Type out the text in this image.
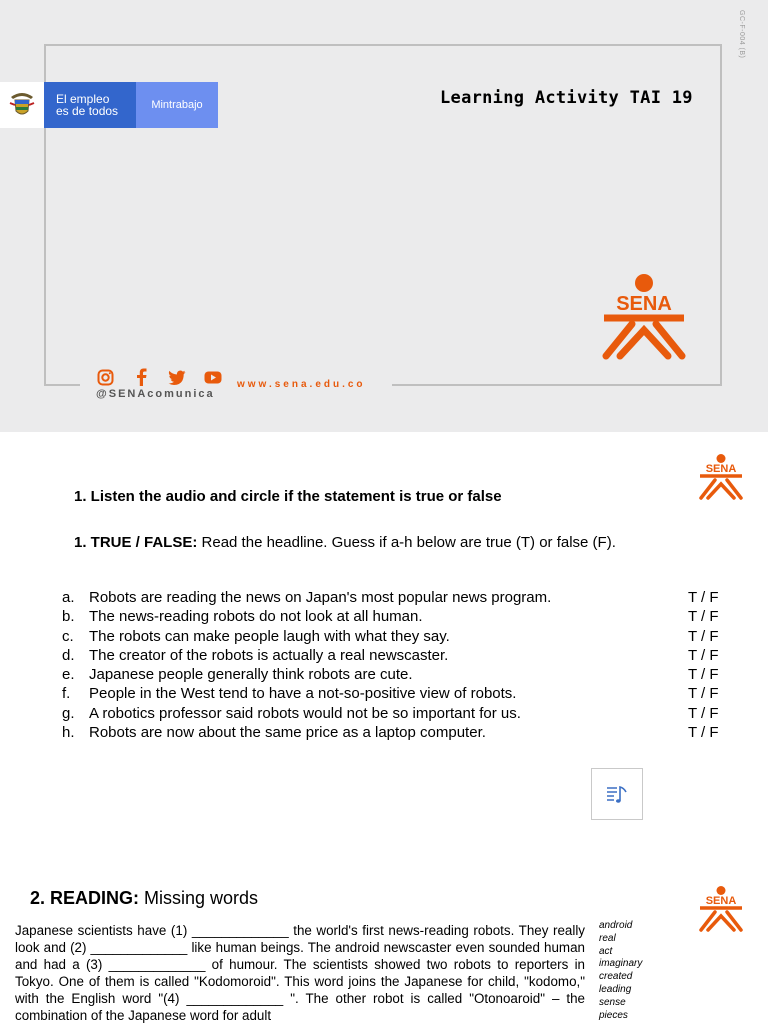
GC-F-004 (B)
El empleo
es de todos	Mintrabajo	Learning Activity TAI 19
SENA
@SENAcomunica
www.sena.edu.co
SENA
1. Listen the audio and circle if the statement is true or false
1. TRUE / FALSE: Read the headline. Guess if a-h below are true (T) or false (F).
a. Robots are reading the news on Japan's most popular news program.	T / F
b. The news-reading robots do not look at all human.	T / F
c.	The robots can make people laugh with what they say.	T / F
d. The creator of the robots is actually a real newscaster.	T / F
e. Japanese people generally think robots are cute.	T / F
f.	People in the West tend to have a not-so-positive view of robots.	T / F
g. A robotics professor said robots would not be so important for us.	T / F
h. Robots are now about the same price as a laptop computer.	T / F
2. READING: Missing words	SENA
Japanese scientists have (1) _____________ the world's first news-reading robots. They really look and (2) _____________ like human beings. The android newscaster even sounded human and had a (3) _____________ of humour. The scientists showed two robots to reporters in Tokyo. One of them is called "Kodomoroid". This word joins the Japanese for child, "kodomo," with the English word "(4) _____________ ". The other robot is called "Otonoaroid" – the combination of the Japanese word for adult
android
real
act
imaginary
created
leading
sense
pieces
